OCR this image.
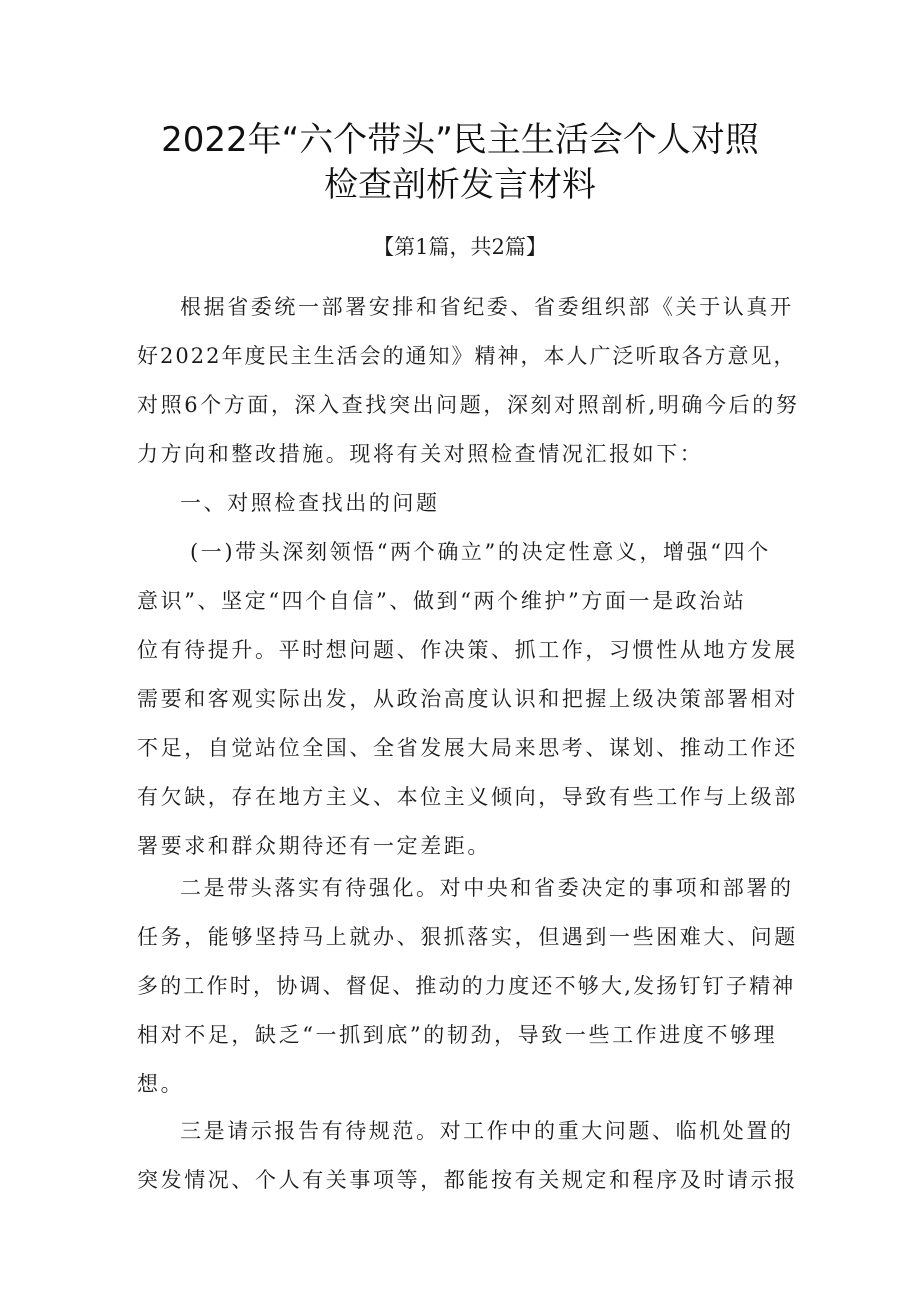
2022年“六个带头”民主生活会个人对照
检查剖析发言材料
【第1篇，共2篇】
根据省委统一部署安排和省纪委、省委组织部《关于认真开
好2022年度民主生活会的通知》精神，本人广泛听取各方意见，
对照6个方面，深入查找突出问题，深刻对照剖析,明确今后的努
力方向和整改措施。现将有关对照检查情况汇报如下：
一、对照检查找出的问题
(一)带头深刻领悟“两个确立”的决定性意义，增强“四个
意识”、坚定“四个自信”、做到“两个维护”方面一是政治站
位有待提升。平时想问题、作决策、抓工作，习惯性从地方发展
需要和客观实际出发，从政治高度认识和把握上级决策部署相对
不足，自觉站位全国、全省发展大局来思考、谋划、推动工作还
有欠缺，存在地方主义、本位主义倾向，导致有些工作与上级部
署要求和群众期待还有一定差距。
二是带头落实有待强化。对中央和省委决定的事项和部署的
任务，能够坚持马上就办、狠抓落实，但遇到一些困难大、问题
多的工作时，协调、督促、推动的力度还不够大,发扬钉钉子精神
相对不足，缺乏“一抓到底”的韧劲，导致一些工作进度不够理
想。
三是请示报告有待规范。对工作中的重大问题、临机处置的
突发情况、个人有关事项等，都能按有关规定和程序及时请示报
